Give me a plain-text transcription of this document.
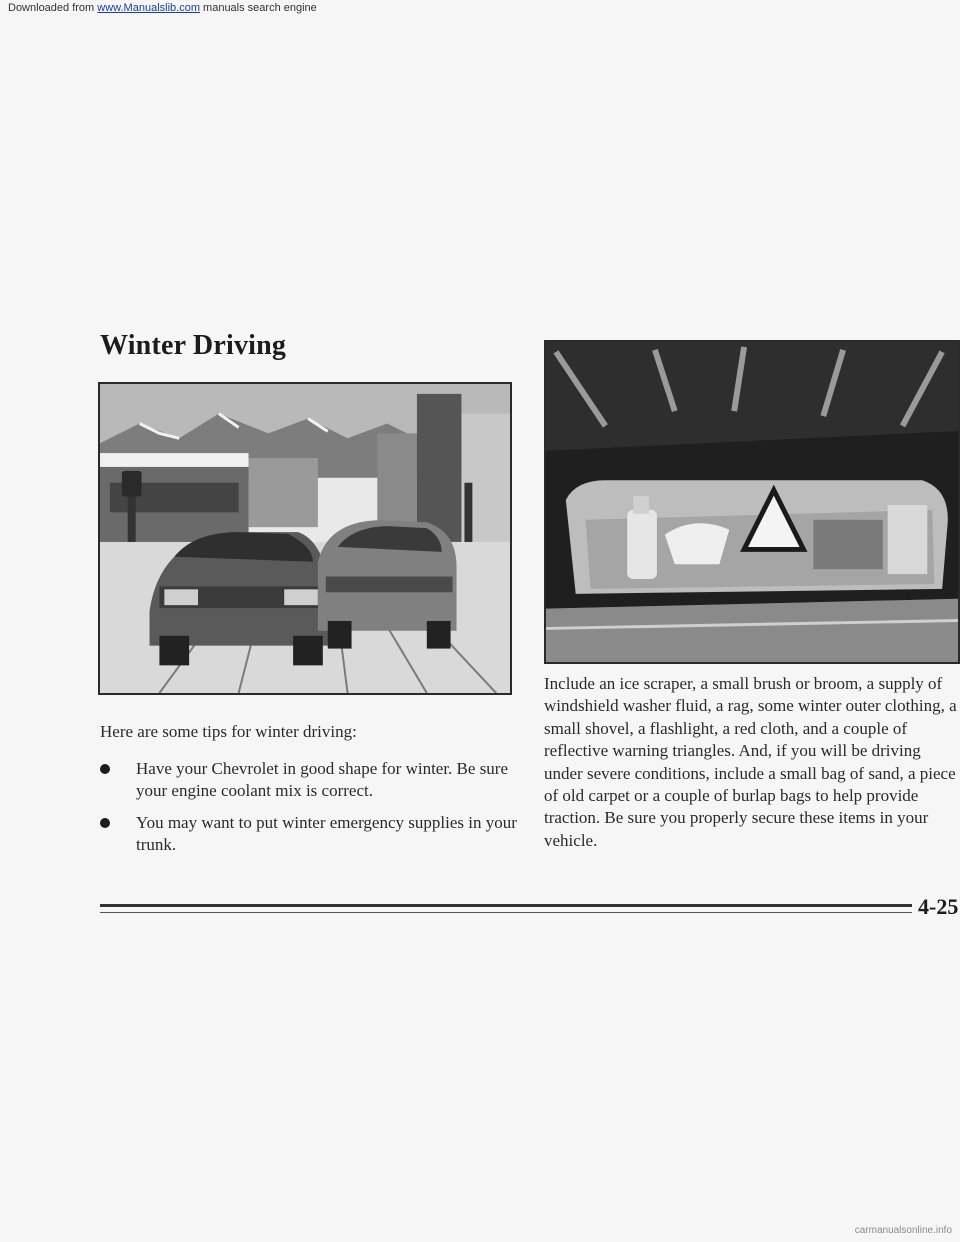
Downloaded from www.Manualslib.com manuals search engine
Winter Driving

Here are some tips for winter driving:

Have your Chevrolet in good shape for winter. Be sure your engine coolant mix is correct.
You may want to put winter emergency supplies in your trunk.

Include an ice scraper, a small brush or broom, a supply of windshield washer fluid, a rag, some winter outer clothing, a small shovel, a flashlight, a red cloth, and a couple of reflective warning triangles. And, if you will be driving under severe conditions, include a small bag of sand, a piece of old carpet or a couple of burlap bags to help provide traction. Be sure you properly secure these items in your vehicle.

4-25
carmanualsonline.info
